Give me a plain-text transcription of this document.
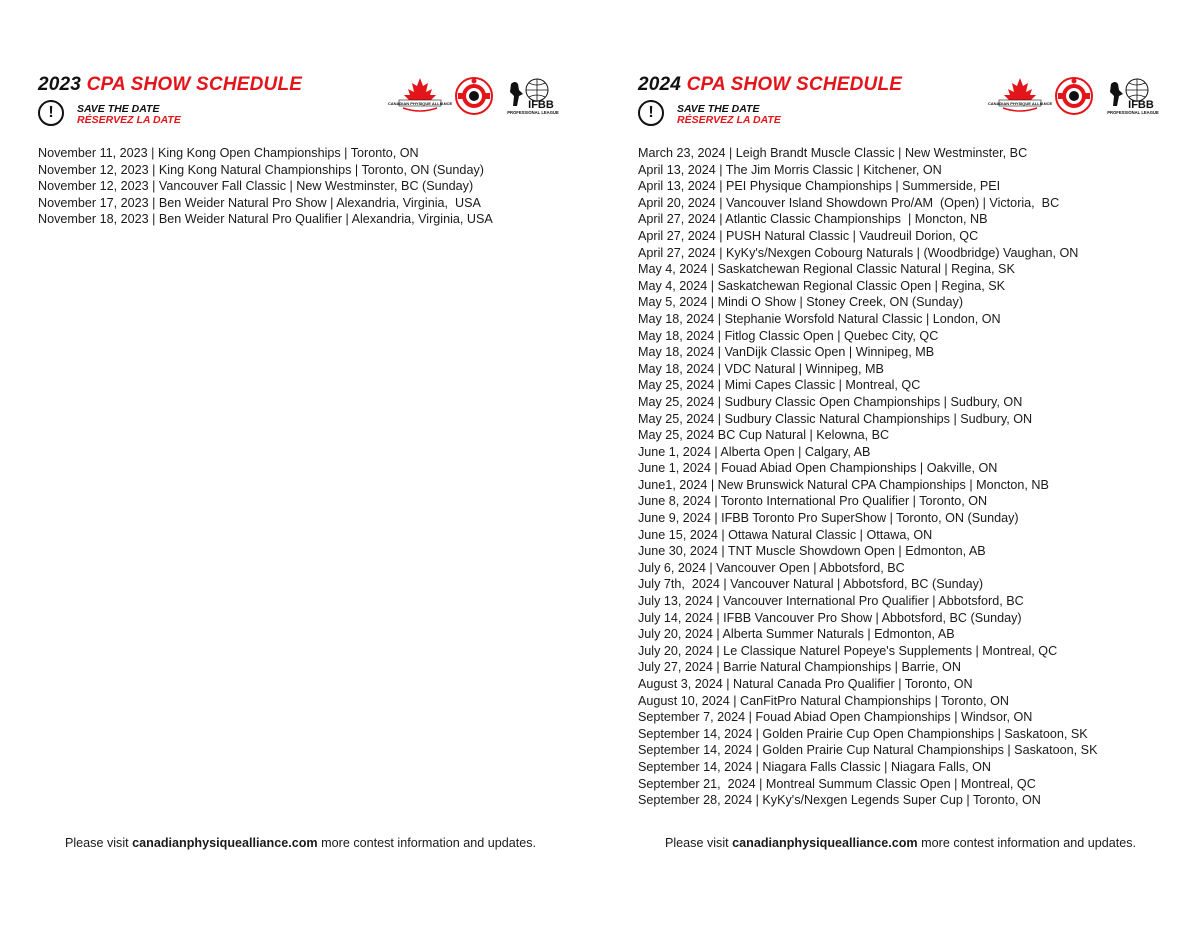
2023 CPA SHOW SCHEDULE
CANADIAN PHYSIQUE ALLIANCE	IFBB
PROFESSIONAL LEAGUE
!	SAVE THE DATE
RÉSERVEZ LA DATE
November 11, 2023 | King Kong Open Championships | Toronto, ON
November 12, 2023 | King Kong Natural Championships | Toronto, ON (Sunday)
November 12, 2023 | Vancouver Fall Classic | New Westminster, BC (Sunday)
November 17, 2023 | Ben Weider Natural Pro Show | Alexandria, Virginia,  USA
November 18, 2023 | Ben Weider Natural Pro Qualifier | Alexandria, Virginia, USA
Please visit canadianphysiquealliance.com more contest information and updates.
2024 CPA SHOW SCHEDULE
CANADIAN PHYSIQUE ALLIANCE	IFBB
PROFESSIONAL LEAGUE
!	SAVE THE DATE
RÉSERVEZ LA DATE
March 23, 2024 | Leigh Brandt Muscle Classic | New Westminster, BC
April 13, 2024 | The Jim Morris Classic | Kitchener, ON
April 13, 2024 | PEI Physique Championships | Summerside, PEI
April 20, 2024 | Vancouver Island Showdown Pro/AM  (Open) | Victoria,  BC
April 27, 2024 | Atlantic Classic Championships  | Moncton, NB
April 27, 2024 | PUSH Natural Classic | Vaudreuil Dorion, QC
April 27, 2024 | KyKy's/Nexgen Cobourg Naturals | (Woodbridge) Vaughan, ON
May 4, 2024 | Saskatchewan Regional Classic Natural | Regina, SK
May 4, 2024 | Saskatchewan Regional Classic Open | Regina, SK
May 5, 2024 | Mindi O Show | Stoney Creek, ON (Sunday)
May 18, 2024 | Stephanie Worsfold Natural Classic | London, ON
May 18, 2024 | Fitlog Classic Open | Quebec City, QC
May 18, 2024 | VanDijk Classic Open | Winnipeg, MB
May 18, 2024 | VDC Natural | Winnipeg, MB
May 25, 2024 | Mimi Capes Classic | Montreal, QC
May 25, 2024 | Sudbury Classic Open Championships | Sudbury, ON
May 25, 2024 | Sudbury Classic Natural Championships | Sudbury, ON
May 25, 2024 BC Cup Natural | Kelowna, BC
June 1, 2024 | Alberta Open | Calgary, AB
June 1, 2024 | Fouad Abiad Open Championships | Oakville, ON
June1, 2024 | New Brunswick Natural CPA Championships | Moncton, NB
June 8, 2024 | Toronto International Pro Qualifier | Toronto, ON
June 9, 2024 | IFBB Toronto Pro SuperShow | Toronto, ON (Sunday)
June 15, 2024 | Ottawa Natural Classic | Ottawa, ON
June 30, 2024 | TNT Muscle Showdown Open | Edmonton, AB
July 6, 2024 | Vancouver Open | Abbotsford, BC
July 7th,  2024 | Vancouver Natural | Abbotsford, BC (Sunday)
July 13, 2024 | Vancouver International Pro Qualifier | Abbotsford, BC
July 14, 2024 | IFBB Vancouver Pro Show | Abbotsford, BC (Sunday)
July 20, 2024 | Alberta Summer Naturals | Edmonton, AB
July 20, 2024 | Le Classique Naturel Popeye's Supplements | Montreal, QC
July 27, 2024 | Barrie Natural Championships | Barrie, ON
August 3, 2024 | Natural Canada Pro Qualifier | Toronto, ON
August 10, 2024 | CanFitPro Natural Championships | Toronto, ON
September 7, 2024 | Fouad Abiad Open Championships | Windsor, ON
September 14, 2024 | Golden Prairie Cup Open Championships | Saskatoon, SK
September 14, 2024 | Golden Prairie Cup Natural Championships | Saskatoon, SK
September 14, 2024 | Niagara Falls Classic | Niagara Falls, ON
September 21,  2024 | Montreal Summum Classic Open | Montreal, QC
September 28, 2024 | KyKy's/Nexgen Legends Super Cup | Toronto, ON
Please visit canadianphysiquealliance.com more contest information and updates.
